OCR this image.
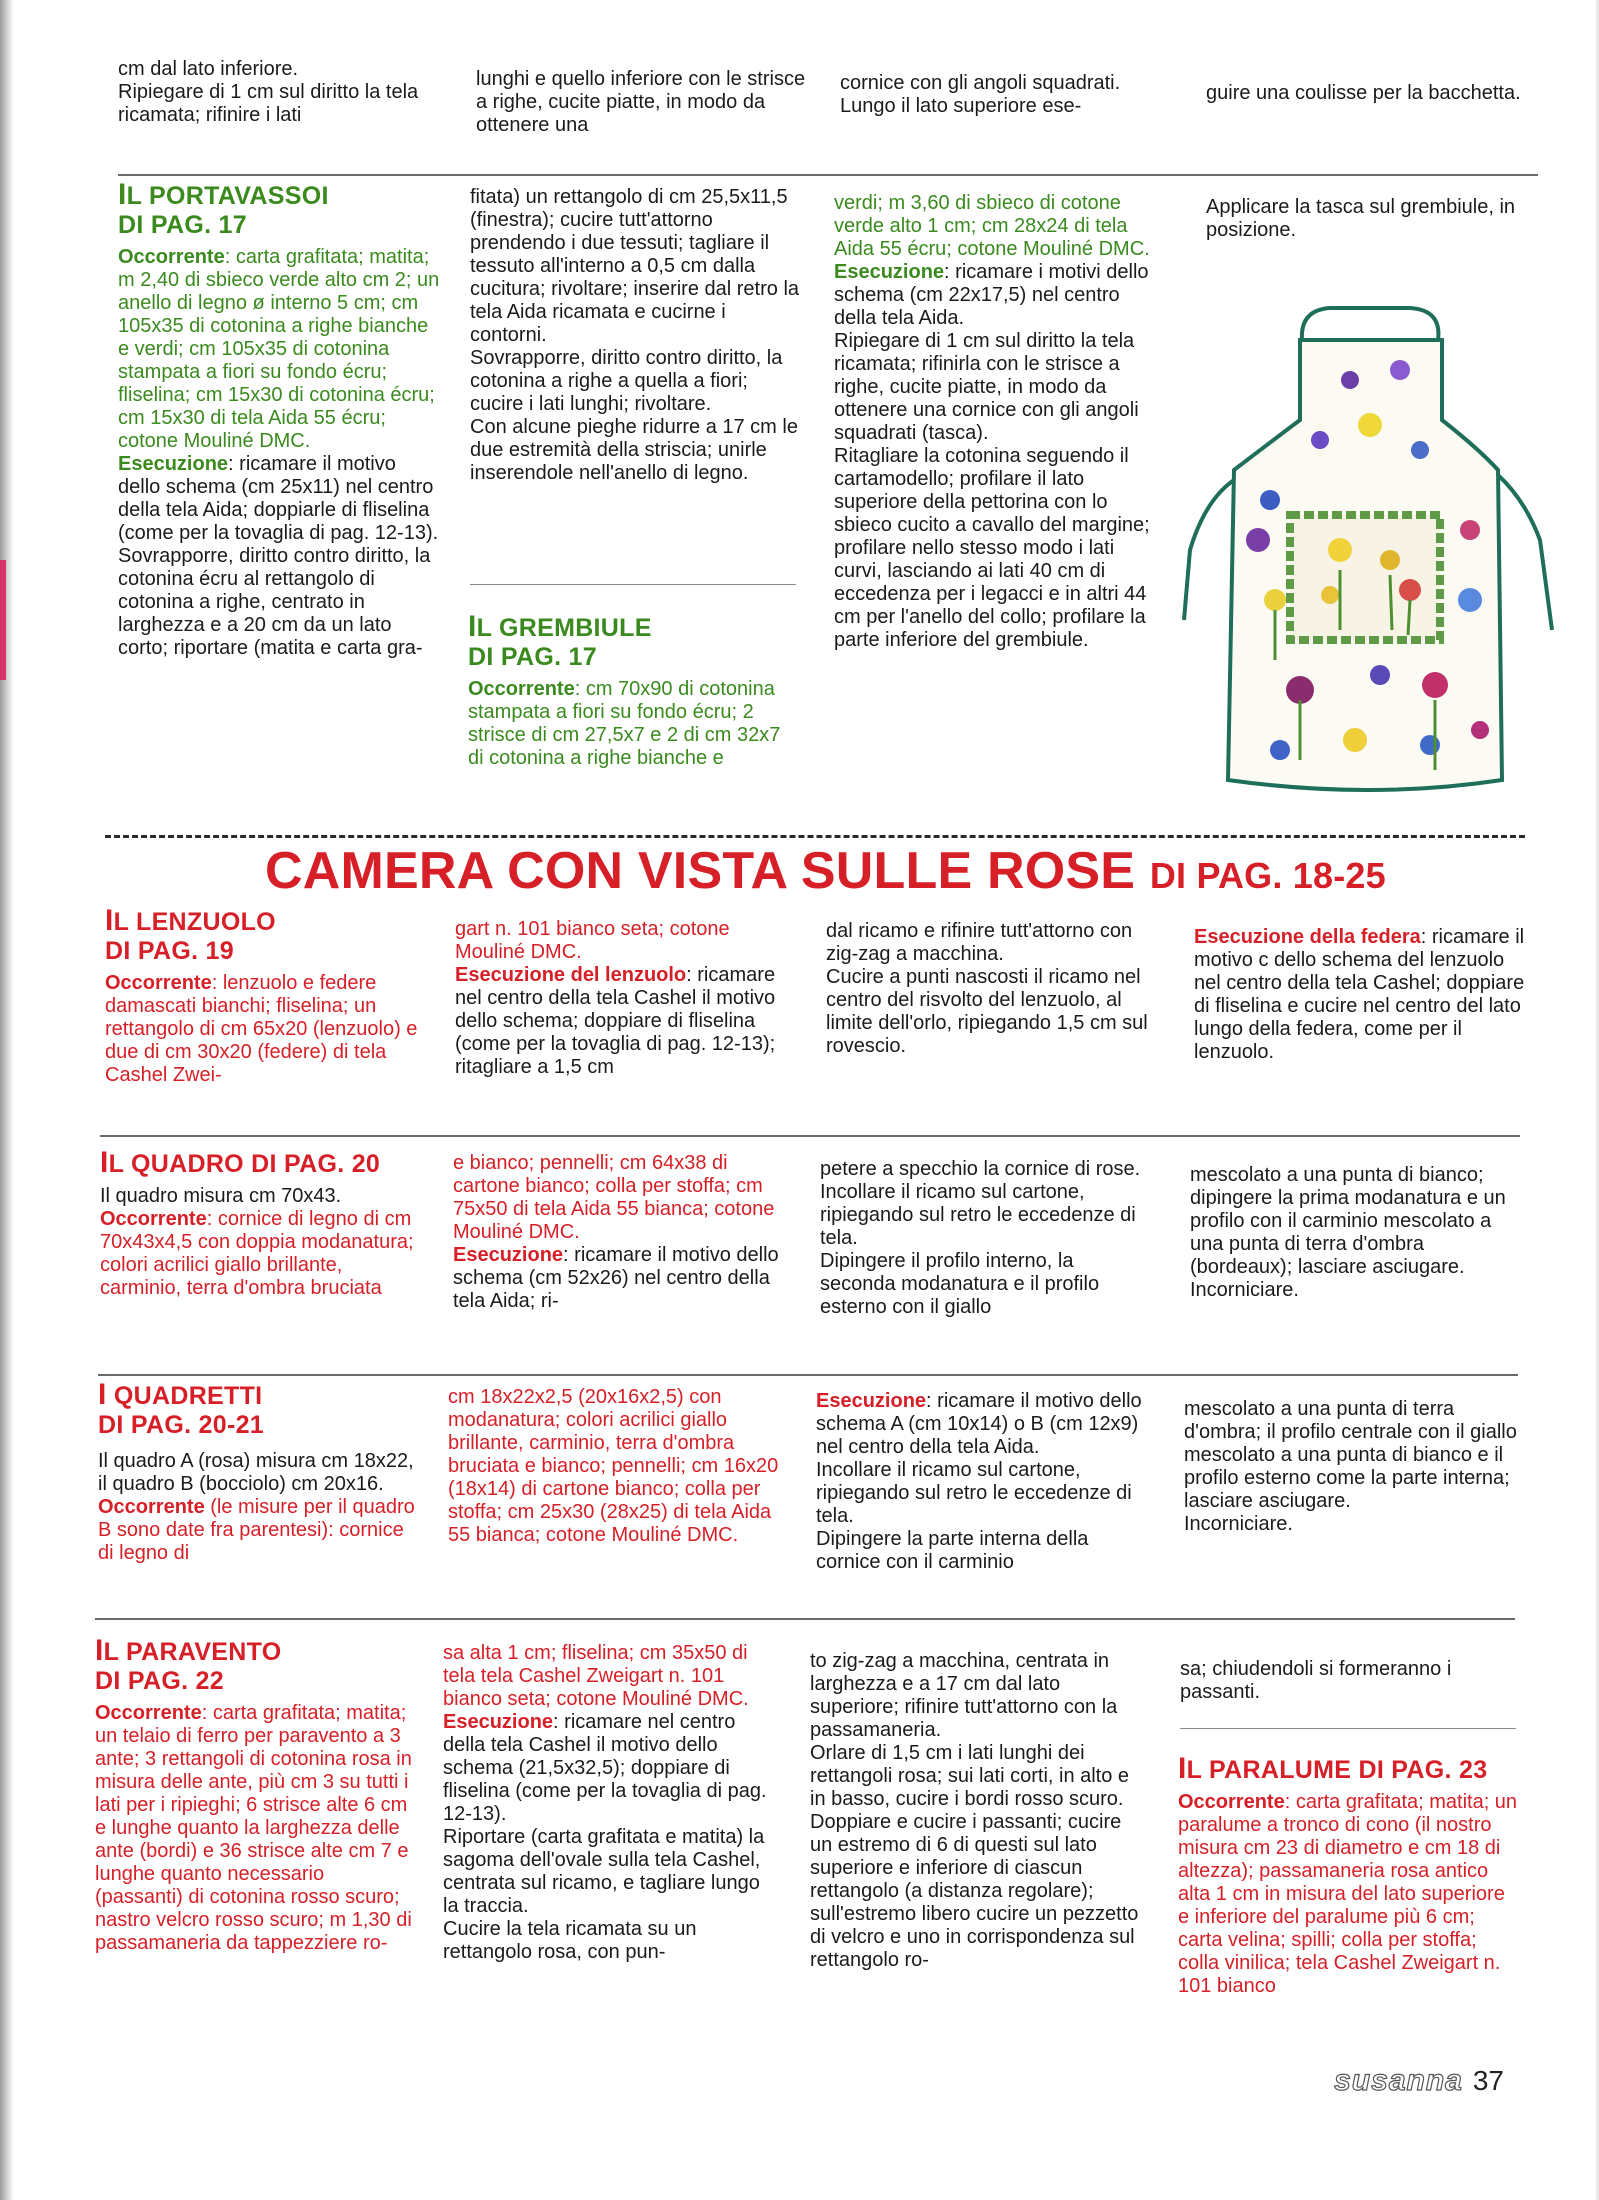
cm dal lato inferiore.

Ripiegare di 1 cm sul diritto la tela ricamata; rifinire i lati

lunghi e quello inferiore con le strisce a righe, cucite piatte, in modo da ottenere una

cornice con gli angoli squadrati.

Lungo il lato superiore ese-

guire una coulisse per la bacchetta.

IL PORTAVASSOI
DI PAG. 17

Occorrente: carta grafitata; matita; m 2,40 di sbieco verde alto cm 2; un anello di legno ø interno 5 cm; cm 105x35 di cotonina a righe bianche e verdi; cm 105x35 di cotonina stampata a fiori su fondo écru; fliselina; cm 15x30 di cotonina écru; cm 15x30 di tela Aida 55 écru; cotone Mouliné DMC.

Esecuzione: ricamare il motivo dello schema (cm 25x11) nel centro della tela Aida; doppiarle di fliselina (come per la tovaglia di pag. 12-13).

Sovrapporre, diritto contro diritto, la cotonina écru al rettangolo di cotonina a righe, centrato in larghezza e a 20 cm da un lato corto; riportare (matita e carta gra-

fitata) un rettangolo di cm 25,5x11,5 (finestra); cucire tutt'attorno prendendo i due tessuti; tagliare il tessuto all'interno a 0,5 cm dalla cucitura; rivoltare; inserire dal retro la tela Aida ricamata e cucirne i contorni.

Sovrapporre, diritto contro diritto, la cotonina a righe a quella a fiori; cucire i lati lunghi; rivoltare.

Con alcune pieghe ridurre a 17 cm le due estremità della striscia; unirle inserendole nell'anello di legno.

IL GREMBIULE
DI PAG. 17

Occorrente: cm 70x90 di cotonina stampata a fiori su fondo écru; 2 strisce di cm 27,5x7 e 2 di cm 32x7 di cotonina a righe bianche e

verdi; m 3,60 di sbieco di cotone verde alto 1 cm; cm 28x24 di tela Aida 55 écru; cotone Mouliné DMC.

Esecuzione: ricamare i motivi dello schema (cm 22x17,5) nel centro della tela Aida.

Ripiegare di 1 cm sul diritto la tela ricamata; rifinirla con le strisce a righe, cucite piatte, in modo da ottenere una cornice con gli angoli squadrati (tasca).

Ritagliare la cotonina seguendo il cartamodello; profilare il lato superiore della pettorina con lo sbieco cucito a cavallo del margine; profilare nello stesso modo i lati curvi, lasciando ai lati 40 cm di eccedenza per i legacci e in altri 44 cm per l'anello del collo; profilare la parte inferiore del grembiule.

Applicare la tasca sul grembiule, in posizione.

CAMERA CON VISTA SULLE ROSE DI PAG. 18-25
IL LENZUOLO
DI PAG. 19

Occorrente: lenzuolo e federe damascati bianchi; fliselina; un rettangolo di cm 65x20 (lenzuolo) e due di cm 30x20 (federe) di tela Cashel Zwei-

gart n. 101 bianco seta; cotone Mouliné DMC.

Esecuzione del lenzuolo: ricamare nel centro della tela Cashel il motivo dello schema; doppiare di fliselina (come per la tovaglia di pag. 12-13); ritagliare a 1,5 cm

dal ricamo e rifinire tutt'attorno con zig-zag a macchina.

Cucire a punti nascosti il ricamo nel centro del risvolto del lenzuolo, al limite dell'orlo, ripiegando 1,5 cm sul rovescio.

Esecuzione della federa: ricamare il motivo c dello schema del lenzuolo nel centro della tela Cashel; doppiare di fliselina e cucire nel centro del lato lungo della federa, come per il lenzuolo.

IL QUADRO DI PAG. 20

Il quadro misura cm 70x43.

Occorrente: cornice di legno di cm 70x43x4,5 con doppia modanatura; colori acrilici giallo brillante, carminio, terra d'ombra bruciata

e bianco; pennelli; cm 64x38 di cartone bianco; colla per stoffa; cm 75x50 di tela Aida 55 bianca; cotone Mouliné DMC.

Esecuzione: ricamare il motivo dello schema (cm 52x26) nel centro della tela Aida; ri-

petere a specchio la cornice di rose.

Incollare il ricamo sul cartone, ripiegando sul retro le eccedenze di tela.

Dipingere il profilo interno, la seconda modanatura e il profilo esterno con il giallo

mescolato a una punta di bianco; dipingere la prima modanatura e un profilo con il carminio mescolato a una punta di terra d'ombra (bordeaux); lasciare asciugare.

Incorniciare.

I QUADRETTI
DI PAG. 20-21

Il quadro A (rosa) misura cm 18x22, il quadro B (bocciolo) cm 20x16.

Occorrente (le misure per il quadro B sono date fra parentesi): cornice di legno di

cm 18x22x2,5 (20x16x2,5) con modanatura; colori acrilici giallo brillante, carminio, terra d'ombra bruciata e bianco; pennelli; cm 16x20 (18x14) di cartone bianco; colla per stoffa; cm 25x30 (28x25) di tela Aida 55 bianca; cotone Mouliné DMC.

Esecuzione: ricamare il motivo dello schema A (cm 10x14) o B (cm 12x9) nel centro della tela Aida.

Incollare il ricamo sul cartone, ripiegando sul retro le eccedenze di tela.

Dipingere la parte interna della cornice con il carminio

mescolato a una punta di terra d'ombra; il profilo centrale con il giallo mescolato a una punta di bianco e il profilo esterno come la parte interna; lasciare asciugare.

Incorniciare.

IL PARAVENTO
DI PAG. 22

Occorrente: carta grafitata; matita; un telaio di ferro per paravento a 3 ante; 3 rettangoli di cotonina rosa in misura delle ante, più cm 3 su tutti i lati per i ripieghi; 6 strisce alte 6 cm e lunghe quanto la larghezza delle ante (bordi) e 36 strisce alte cm 7 e lunghe quanto necessario (passanti) di cotonina rosso scuro; nastro velcro rosso scuro; m 1,30 di passamaneria da tappezziere ro-

sa alta 1 cm; fliselina; cm 35x50 di tela tela Cashel Zweigart n. 101 bianco seta; cotone Mouliné DMC.

Esecuzione: ricamare nel centro della tela Cashel il motivo dello schema (21,5x32,5); doppiare di fliselina (come per la tovaglia di pag. 12-13).

Riportare (carta grafitata e matita) la sagoma dell'ovale sulla tela Cashel, centrata sul ricamo, e tagliare lungo la traccia.

Cucire la tela ricamata su un rettangolo rosa, con pun-

to zig-zag a macchina, centrata in larghezza e a 17 cm dal lato superiore; rifinire tutt'attorno con la passamaneria.

Orlare di 1,5 cm i lati lunghi dei rettangoli rosa; sui lati corti, in alto e in basso, cucire i bordi rosso scuro.

Doppiare e cucire i passanti; cucire un estremo di 6 di questi sul lato superiore e inferiore di ciascun rettangolo (a distanza regolare); sull'estremo libero cucire un pezzetto di velcro e uno in corrispondenza sul rettangolo ro-

sa; chiudendoli si formeranno i passanti.

IL PARALUME DI PAG. 23

Occorrente: carta grafitata; matita; un paralume a tronco di cono (il nostro misura cm 23 di diametro e cm 18 di altezza); passamaneria rosa antico alta 1 cm in misura del lato superiore e inferiore del paralume più 6 cm; carta velina; spilli; colla per stoffa; colla vinilica; tela Cashel Zweigart n. 101 bianco

susanna 37
